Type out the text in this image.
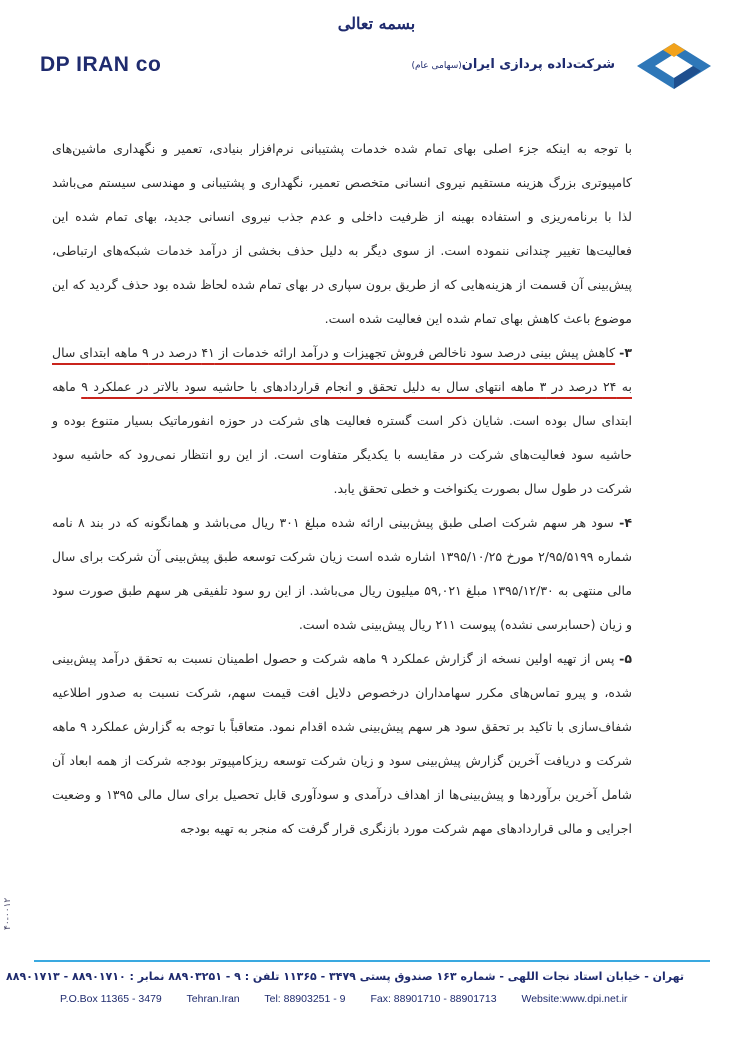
بسمه تعالی
DP IRAN co	شرکت‌داده پردازی ایران(سهامی عام)

با توجه به اینکه جزء اصلی بهای تمام شده خدمات پشتیبانی نرم‌افزار بنیادی، تعمیر و نگهداری ماشین‌های کامپیوتری بزرگ هزینه مستقیم نیروی انسانی متخصص تعمیر، نگهداری و پشتیبانی و مهندسی سیستم می‌باشد لذا با برنامه‌ریزی و استفاده بهینه از ظرفیت داخلی و عدم جذب نیروی انسانی جدید، بهای تمام شده این فعالیت‌ها تغییر چندانی ننموده است. از سوی دیگر به دلیل حذف بخشی از درآمد خدمات شبکه‌های ارتباطی، پیش‌بینی آن قسمت از هزینه‌هایی که از طریق برون سپاری در بهای تمام شده لحاظ شده بود حذف گردید که این موضوع باعث کاهش بهای تمام شده این فعالیت شده است.

۳- کاهش پیش بینی درصد سود ناخالص فروش تجهیزات و درآمد ارائه خدمات از ۴۱ درصد در ۹ ماهه ابتدای سال به ۲۴ درصد در ۳ ماهه انتهای سال به دلیل تحقق و انجام قراردادهای با حاشیه سود بالاتر در عملکرد ۹ ماهه ابتدای سال بوده است. شایان ذکر است گستره فعالیت های شرکت در حوزه انفورماتیک بسیار متنوع بوده و حاشیه سود فعالیت‌های شرکت در مقایسه با یکدیگر متفاوت است. از این رو انتظار نمی‌رود که حاشیه سود شرکت در طول سال بصورت یکنواخت و خطی تحقق یابد.

۴- سود هر سهم شرکت اصلی طبق پیش‌بینی ارائه شده مبلغ ۳۰۱ ریال می‌باشد و همانگونه که در بند ۸ نامه شماره ۲/۹۵/۵۱۹۹ مورخ ۱۳۹۵/۱۰/۲۵ اشاره شده است زیان شرکت توسعه طبق پیش‌بینی آن شرکت برای سال مالی منتهی به ۱۳۹۵/۱۲/۳۰ مبلغ ۵۹,۰۲۱ میلیون ریال می‌باشد. از این رو سود تلفیقی هر سهم طبق صورت سود و زیان (حسابرسی نشده) پیوست ۲۱۱ ریال پیش‌بینی شده است.

۵- پس از تهیه اولین نسخه از گزارش عملکرد ۹ ماهه شرکت و حصول اطمینان نسبت به تحقق درآمد پیش‌بینی شده، و پیرو تماس‌های مکرر سهامداران درخصوص دلایل افت قیمت سهم، شرکت نسبت به صدور اطلاعیه شفاف‌سازی با تاکید بر تحقق سود هر سهم پیش‌بینی شده اقدام نمود. متعاقباً با توجه به گزارش عملکرد ۹ ماهه شرکت و دریافت آخرین گزارش پیش‌بینی سود و زیان شرکت توسعه ریزکامپیوتر بودجه شرکت از همه ابعاد آن شامل آخرین برآوردها و پیش‌بینی‌ها از اهداف درآمدی و سودآوری قابل تحصیل برای سال مالی ۱۳۹۵ و وضعیت اجرایی و مالی قراردادهای مهم شرکت مورد بازنگری قرار گرفت که منجر به تهیه بودجه

۴۰-۰۰۱۲
تهران - خیابان استاد نجات اللهی - شماره ۱۶۳ صندوق پستی ۳۴۷۹ - ۱۱۳۶۵ تلفن : ۹ - ۸۸۹۰۳۲۵۱ نمابر : ۸۸۹۰۱۷۱۰ - ۸۸۹۰۱۷۱۳
P.O.Box 11365 - 3479 Tehran.Iran Tel: 88903251 - 9 Fax: 88901710 - 88901713 Website:www.dpi.net.ir
